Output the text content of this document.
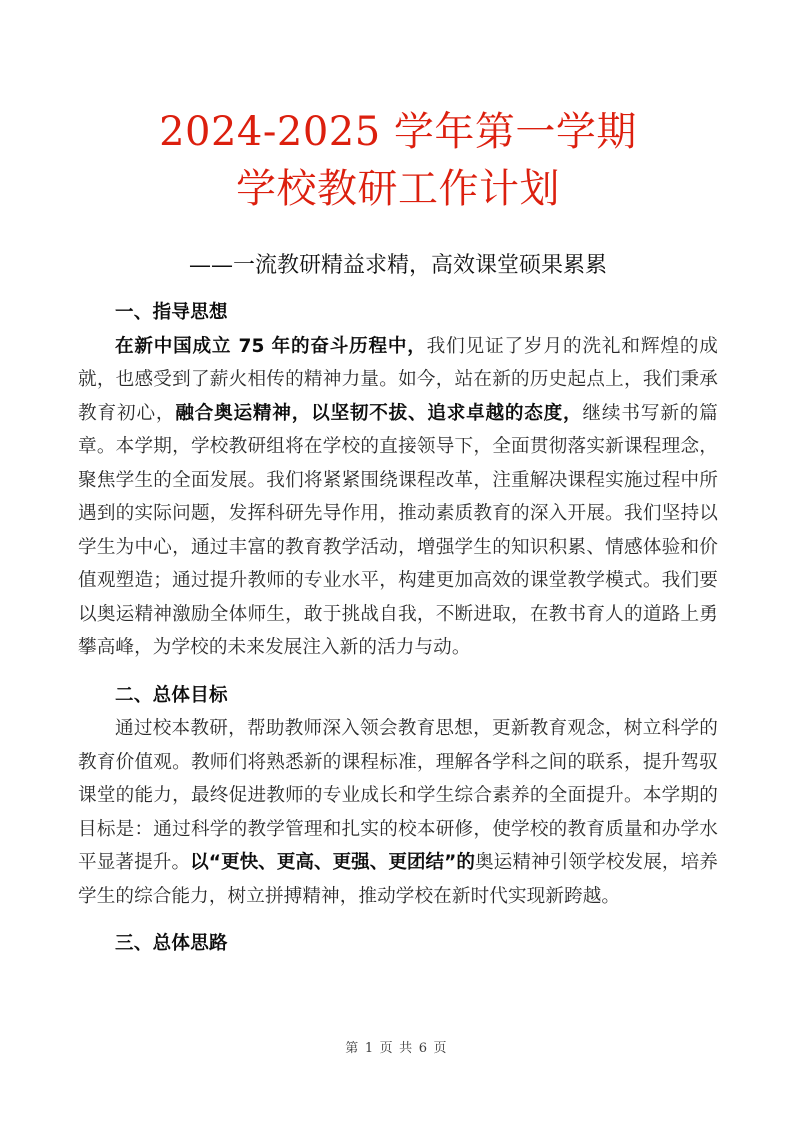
2024-2025 学年第一学期
学校教研工作计划

——一流教研精益求精，高效课堂硕果累累

一、指导思想

在新中国成立 75 年的奋斗历程中，我们见证了岁月的洗礼和辉煌的成就，也感受到了薪火相传的精神力量。如今，站在新的历史起点上，我们秉承教育初心，融合奥运精神，以坚韧不拔、追求卓越的态度，继续书写新的篇章。本学期，学校教研组将在学校的直接领导下，全面贯彻落实新课程理念，聚焦学生的全面发展。我们将紧紧围绕课程改革，注重解决课程实施过程中所遇到的实际问题，发挥科研先导作用，推动素质教育的深入开展。我们坚持以学生为中心，通过丰富的教育教学活动，增强学生的知识积累、情感体验和价值观塑造；通过提升教师的专业水平，构建更加高效的课堂教学模式。我们要以奥运精神激励全体师生，敢于挑战自我，不断进取，在教书育人的道路上勇攀高峰，为学校的未来发展注入新的活力与动。

二、总体目标

通过校本教研，帮助教师深入领会教育思想，更新教育观念，树立科学的教育价值观。教师们将熟悉新的课程标准，理解各学科之间的联系，提升驾驭课堂的能力，最终促进教师的专业成长和学生综合素养的全面提升。本学期的目标是：通过科学的教学管理和扎实的校本研修，使学校的教育质量和办学水平显著提升。以“更快、更高、更强、更团结”的奥运精神引领学校发展，培养学生的综合能力，树立拼搏精神，推动学校在新时代实现新跨越。

三、总体思路
第 1 页 共 6 页
